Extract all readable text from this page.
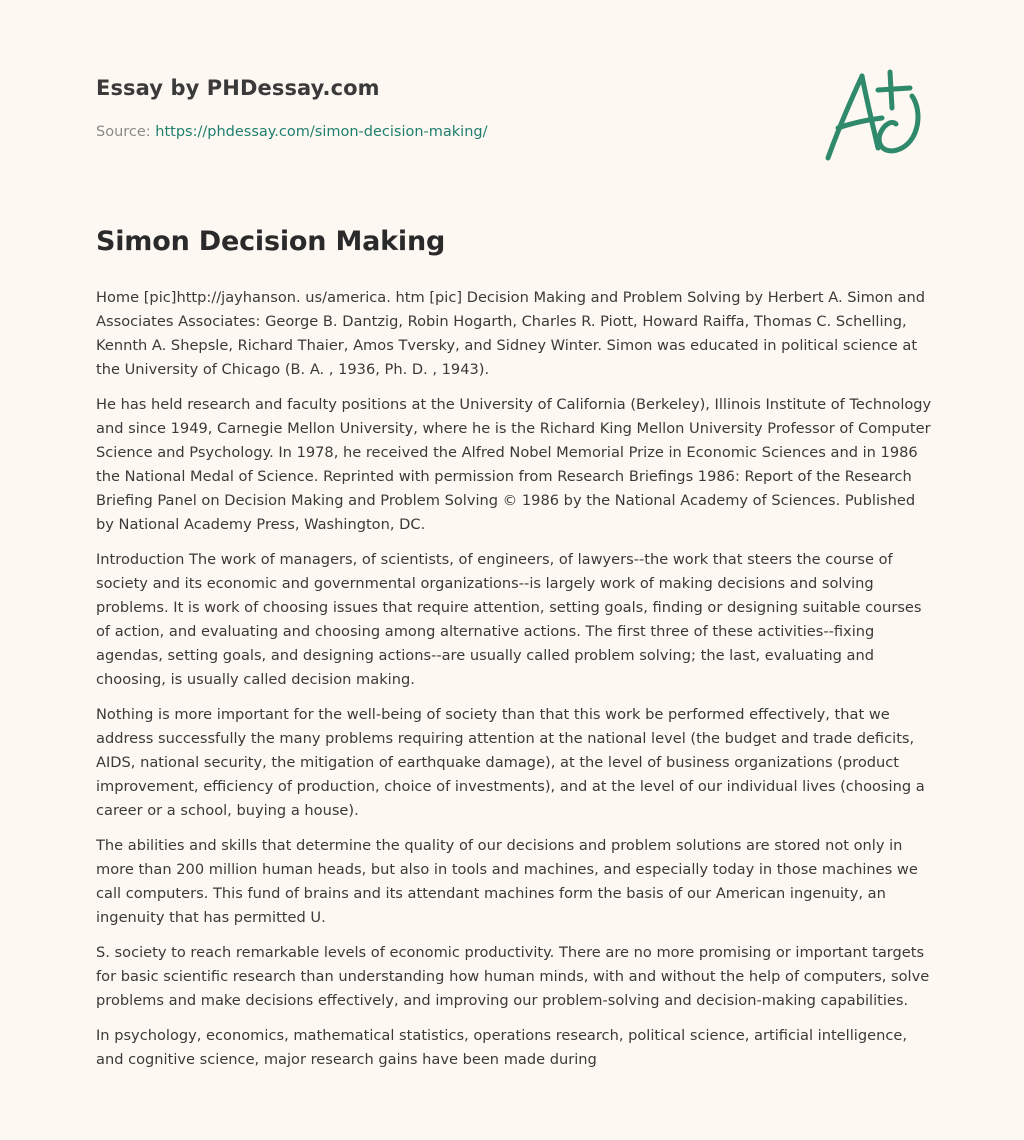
Essay by PHDessay.com

Source: https://phdessay.com/simon-decision-making/

Simon Decision Making

Home [pic]http://jayhanson. us/america. htm [pic] Decision Making and Problem Solving by Herbert A. Simon and Associates Associates: George B. Dantzig, Robin Hogarth, Charles R. Piott, Howard Raiffa, Thomas C. Schelling, Kennth A. Shepsle, Richard Thaier, Amos Tversky, and Sidney Winter. Simon was educated in political science at the University of Chicago (B. A. , 1936, Ph. D. , 1943).

He has held research and faculty positions at the University of California (Berkeley), Illinois Institute of Technology and since 1949, Carnegie Mellon University, where he is the Richard King Mellon University Professor of Computer Science and Psychology. In 1978, he received the Alfred Nobel Memorial Prize in Economic Sciences and in 1986 the National Medal of Science. Reprinted with permission from Research Briefings 1986: Report of the Research Briefing Panel on Decision Making and Problem Solving © 1986 by the National Academy of Sciences. Published by National Academy Press, Washington, DC.

Introduction The work of managers, of scientists, of engineers, of lawyers--the work that steers the course of society and its economic and governmental organizations--is largely work of making decisions and solving problems. It is work of choosing issues that require attention, setting goals, finding or designing suitable courses of action, and evaluating and choosing among alternative actions. The first three of these activities--fixing agendas, setting goals, and designing actions--are usually called problem solving; the last, evaluating and choosing, is usually called decision making.

Nothing is more important for the well-being of society than that this work be performed effectively, that we address successfully the many problems requiring attention at the national level (the budget and trade deficits, AIDS, national security, the mitigation of earthquake damage), at the level of business organizations (product improvement, efficiency of production, choice of investments), and at the level of our individual lives (choosing a career or a school, buying a house).

The abilities and skills that determine the quality of our decisions and problem solutions are stored not only in more than 200 million human heads, but also in tools and machines, and especially today in those machines we call computers. This fund of brains and its attendant machines form the basis of our American ingenuity, an ingenuity that has permitted U.

S. society to reach remarkable levels of economic productivity. There are no more promising or important targets for basic scientific research than understanding how human minds, with and without the help of computers, solve problems and make decisions effectively, and improving our problem-solving and decision-making capabilities.

In psychology, economics, mathematical statistics, operations research, political science, artificial intelligence, and cognitive science, major research gains have been made during
